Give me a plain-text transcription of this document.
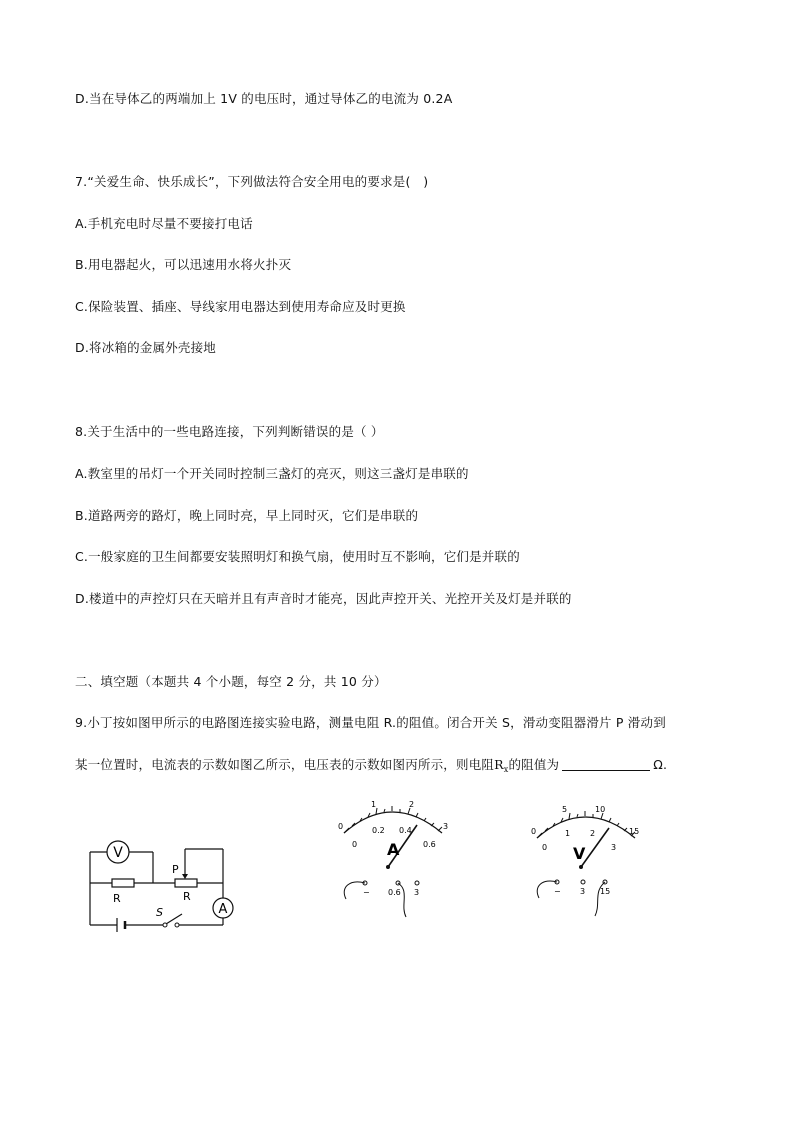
D.当在导体乙的两端加上 1V 的电压时，通过导体乙的电流为 0.2A
7.“关爱生命、快乐成长”，下列做法符合安全用电的要求是(　)
A.手机充电时尽量不要接打电话
B.用电器起火，可以迅速用水将火扑灭
C.保险装置、插座、导线家用电器达到使用寿命应及时更换
D.将冰箱的金属外壳接地
8.关于生活中的一些电路连接，下列判断错误的是（ ）
A.教室里的吊灯一个开关同时控制三盏灯的亮灭，则这三盏灯是串联的
B.道路两旁的路灯，晚上同时亮，早上同时灭，它们是串联的
C.一般家庭的卫生间都要安装照明灯和换气扇，使用时互不影响，它们是并联的
D.楼道中的声控灯只在天暗并且有声音时才能亮，因此声控开关、光控开关及灯是并联的
二、填空题（本题共 4 个小题，每空 2 分，共 10 分）
9.小丁按如图甲所示的电路图连接实验电路，测量电阻 R.的阻值。闭合开关 S，滑动变阻器滑片 P 滑动到
某一位置时，电流表的示数如图乙所示，电压表的示数如图丙所示，则电阻$R_x$的阻值为	Ω.
V
A
R	R
P
S
0
1	2
3
0
0.2 0.4
0.6
A
− 0.6 3
0
5	10
15
0
1 2
3
V
− 3 15
